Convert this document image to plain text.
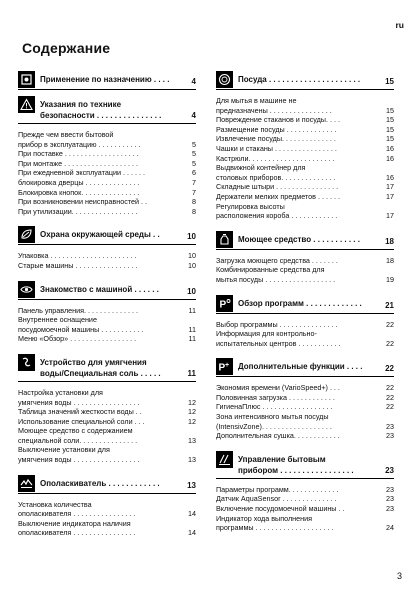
ru
Содержание
Применение по назначению . . . .	4
Указания по технике
безопасности . . . . . . . . . . . . . . .	4
Прежде чем ввести бытовой
прибор в эксплуатацию . . . . . . . . . . .	5
При поставке . . . . . . . . . . . . . . . . . . .	5
При монтаже . . . . . . . . . . . . . . . . . . .	5
При ежедневной эксплуатации . . . . . .	6
блокировка дверцы . . . . . . . . . . . . . .	7
Блокировка кнопок. . . . . . . . . . . . . . .	7
При возникновении неисправностей . .	8
При утилизации. . . . . . . . . . . . . . . . .	8
Охрана окружающей среды . .	10
Упаковка . . . . . . . . . . . . . . . . . . . . . .	10
Старые машины . . . . . . . . . . . . . . . .	10
Знакомство с машиной . . . . . .	10
Панель управления. . . . . . . . . . . . . .	11
Внутреннее оснащение
посудомоечной машины . . . . . . . . . . .	11
Меню «Обзор» . . . . . . . . . . . . . . . . .	11
Устройство для умягчения
воды/Специальная соль . . . . .	11
Настройка установки для
умягчения воды . . . . . . . . . . . . . . . . .	12
Таблица значений жесткости воды . .	12
Использование специальной соли . . .	12
Моющее средство с содержанием
специальной соли. . . . . . . . . . . . . . .	13
Выключение установки для
умягчения воды . . . . . . . . . . . . . . . . .	13
Ополаскиватель . . . . . . . . . . . .	13
Установка количества
ополаскивателя . . . . . . . . . . . . . . . .	14
Выключение индикатора наличия
ополаскивателя . . . . . . . . . . . . . . . .	14
Посуда . . . . . . . . . . . . . . . . . . . . .	15
Для мытья в машине не
предназначены . . . . . . . . . . . . . . . .	15
Повреждение стаканов и посуды. . . .	15
Размещение посуды . . . . . . . . . . . . .	15
Извлечение посуды. . . . . . . . . . . . . .	15
Чашки и стаканы . . . . . . . . . . . . . . . .	16
Кастрюли. . . . . . . . . . . . . . . . . . . . . .	16
Выдвижной контейнер для
столовых приборов. . . . . . . . . . . . . .	16
Складные штыри . . . . . . . . . . . . . . . .	17
Держатели мелких предметов . . . . . .	17
Регулировка высоты
расположения короба . . . . . . . . . . . .	17
Моющее средство . . . . . . . . . . .	18
Загрузка моющего средства . . . . . . .	18
Комбинированные средства для
мытья посуды . . . . . . . . . . . . . . . . . .	19
P Обзор программ . . . . . . . . . . . . .	21
Выбор программы . . . . . . . . . . . . . . .	22
Информация для контрольно-
испытательных центров . . . . . . . . . . .	22
P + Дополнительные функции . . . .	22
Экономия времени (VarioSpeed+) . . .	22
Половинная загрузка . . . . . . . . . . . .	22
ГигиенаПлюс . . . . . . . . . . . . . . . . . .	22
Зона интенсивного мытья посуды
(IntensivZone). . . . . . . . . . . . . . . . . .	23
Дополнительная сушка. . . . . . . . . . . .	23
Управление бытовым
прибором . . . . . . . . . . . . . . . . .	23
Параметры программ. . . . . . . . . . . . .	23
Датчик AquaSensor . . . . . . . . . . . . . .	23
Включение посудомоечной машины . .	23
Индикатор хода выполнения
программы . . . . . . . . . . . . . . . . . . . .	24
3
